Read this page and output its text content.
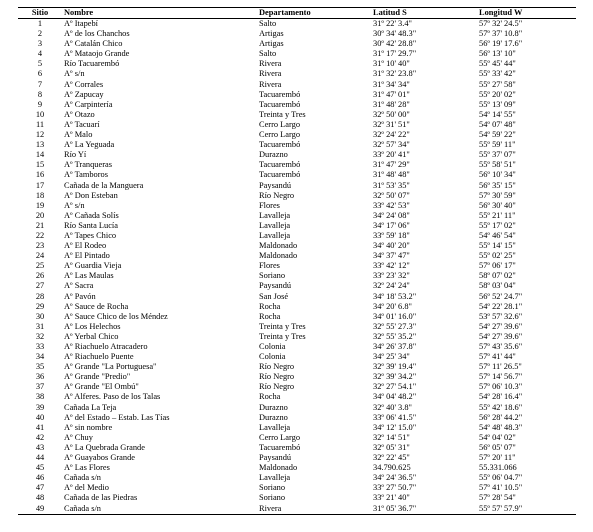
Sitio	Nombre	Departamento	Latitud S	Longitud W
1	Aº Itapebí	Salto	31º 22' 3.4"	57º 32' 24.5"
2	Aº de los Chanchos	Artigas	30º 34' 48.3"	57º 37' 10.8"
3	Aº Catalán Chico	Artigas	30º 42' 28.8"	56º 19' 17.6"
4	Aº Mataojo Grande	Salto	31º 17' 29.7"	56º 13' 10"
5	Río Tacuarembó	Rivera	31º 10' 40"	55º 45' 44"
6	Aº s/n	Rivera	31º 32' 23.8"	55º 33' 42"
7	Aº Corrales	Rivera	31º 34' 34"	55º 27' 58"
8	Aº Zapucay	Tacuarembó	31º 47' 01"	55º 20' 02"
9	Aº Carpintería	Tacuarembó	31º 48' 28"	55º 13' 09"
10	Aº Otazo	Treinta y Tres	32º 50' 00"	54º 14' 55"
11	Aº Tacuarí	Cerro Largo	32º 31' 51"	54º 07' 48"
12	Aº Malo	Cerro Largo	32º 24' 22"	54º 59' 22"
13	Aº La Yeguada	Tacuarembó	32º 57' 34"	55º 59' 11"
14	Río Yí	Durazno	33º 20' 41"	55º 37' 07"
15	Aº Tranqueras	Tacuarembó	31º 47' 29"	55º 58' 51"
16	Aº Tamboros	Tacuarembó	31º 48' 48"	56º 10' 34"
17	Cañada de la Manguera	Paysandú	31º 53' 35"	56º 35' 15"
18	Aº Don Esteban	Río Negro	32º 50' 07"	57º 30' 59"
19	Aº s/n	Flores	33º 42' 53"	56º 30' 40"
20	Aº Cañada Solís	Lavalleja	34º 24' 08"	55º 21' 11"
21	Río Santa Lucía	Lavalleja	34º 17' 06"	55º 17' 02"
22	Aº Tapes Chico	Lavalleja	33º 59' 18"	54º 46' 54"
23	Aº El Rodeo	Maldonado	34º 40' 20"	55º 14' 15"
24	Aº El Pintado	Maldonado	34º 37' 47"	55º 02' 25"
25	Aº Guardia Vieja	Flores	33º 42' 12"	57º 06' 17"
26	Aº Las Maulas	Soriano	33º 23' 32"	58º 07' 02"
27	Aº Sacra	Paysandú	32º 24' 24"	58º 03' 04"
28	Aº Pavón	San José	34º 18' 53.2"	56º 52' 24.7"
29	Aº Sauce de Rocha	Rocha	34º 20' 6.8"	54º 22' 28.1"
30	Aº Sauce Chico de los Méndez	Rocha	34º 01' 16.0"	53º 57' 32.6"
31	Aº Los Helechos	Treinta y Tres	32º 55' 27.3"	54º 27' 39.6"
32	Aº Yerbal Chico	Treinta y Tres	32º 55' 35.2"	54º 27' 39.6"
33	Aº Riachuelo Atracadero	Colonia	34º 26' 37.8"	57º 43' 35.6"
34	Aº Riachuelo Puente	Colonia	34º 25' 34"	57º 41' 44"
35	Aº Grande "La Portuguesa"	Río Negro	32º 39' 19.4"	57º 11' 26.5"
36	Aº Grande "Predio"	Río Negro	32º 39' 34.2"	57º 14' 56.7"
37	Aº Grande "El Ombú"	Río Negro	32º 27' 54.1"	57º 06' 10.3"
38	Aº Alferes. Paso de los Talas	Rocha	34º 04' 48.2"	54º 28' 16.4"
39	Cañada La Teja	Durazno	32º 40' 3.8"	55º 42' 18.6"
40	Aº del Estado – Estab. Las Tías	Durazno	33º 06' 41.5"	56º 28' 44.2"
41	Aº sin nombre	Lavalleja	34º 12' 15.0"	54º 48' 48.3"
42	Aº Chuy	Cerro Largo	32º 14' 51"	54º 04' 02"
43	Aº La Quebrada Grande	Tacuarembó	32º 05' 31"	56º 05' 07"
44	Aº Guayabos Grande	Paysandú	32º 22' 45"	57º 20' 11"
45	Aº Las Flores	Maldonado	34.790.625	55.331.066
46	Cañada s/n	Lavalleja	34º 24' 36.5"	55º 06' 04.7"
47	Aº del Medio	Soriano	33º 27' 50.7"	57º 41' 10.5"
48	Cañada de las Piedras	Soriano	33º 21' 40"	57º 28' 54"
49	Cañada s/n	Rivera	31º 05' 36.7"	55º 57' 57.9"
